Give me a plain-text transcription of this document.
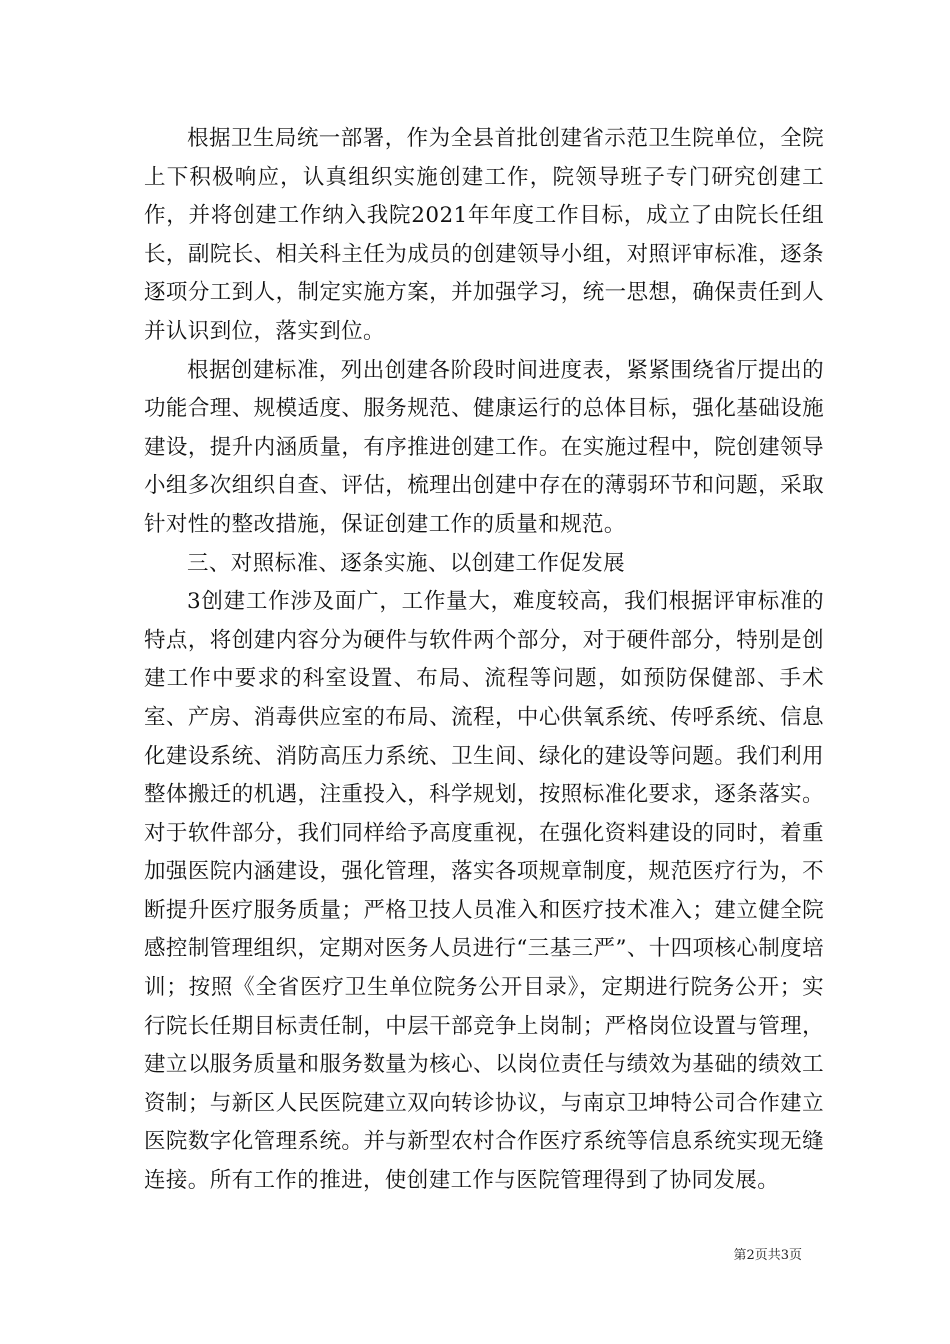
根据卫生局统一部署，作为全县首批创建省示范卫生院单位，全院上下积极响应，认真组织实施创建工作，院领导班子专门研究创建工作，并将创建工作纳入我院2021年年度工作目标，成立了由院长任组长，副院长、相关科主任为成员的创建领导小组，对照评审标准，逐条逐项分工到人，制定实施方案，并加强学习，统一思想，确保责任到人并认识到位，落实到位。

根据创建标准，列出创建各阶段时间进度表，紧紧围绕省厅提出的功能合理、规模适度、服务规范、健康运行的总体目标，强化基础设施建设，提升内涵质量，有序推进创建工作。在实施过程中，院创建领导小组多次组织自查、评估，梳理出创建中存在的薄弱环节和问题，采取针对性的整改措施，保证创建工作的质量和规范。

三、对照标准、逐条实施、以创建工作促发展

3创建工作涉及面广，工作量大，难度较高，我们根据评审标准的特点，将创建内容分为硬件与软件两个部分，对于硬件部分，特别是创建工作中要求的科室设置、布局、流程等问题，如预防保健部、手术室、产房、消毒供应室的布局、流程，中心供氧系统、传呼系统、信息化建设系统、消防高压力系统、卫生间、绿化的建设等问题。我们利用整体搬迁的机遇，注重投入，科学规划，按照标准化要求，逐条落实。对于软件部分，我们同样给予高度重视，在强化资料建设的同时，着重加强医院内涵建设，强化管理，落实各项规章制度，规范医疗行为，不断提升医疗服务质量；严格卫技人员准入和医疗技术准入；建立健全院感控制管理组织，定期对医务人员进行“三基三严”、十四项核心制度培训；按照《全省医疗卫生单位院务公开目录》，定期进行院务公开；实行院长任期目标责任制，中层干部竞争上岗制；严格岗位设置与管理，建立以服务质量和服务数量为核心、以岗位责任与绩效为基础的绩效工资制；与新区人民医院建立双向转诊协议，与南京卫坤特公司合作建立医院数字化管理系统。并与新型农村合作医疗系统等信息系统实现无缝连接。所有工作的推进，使创建工作与医院管理得到了协同发展。

第2页共3页
